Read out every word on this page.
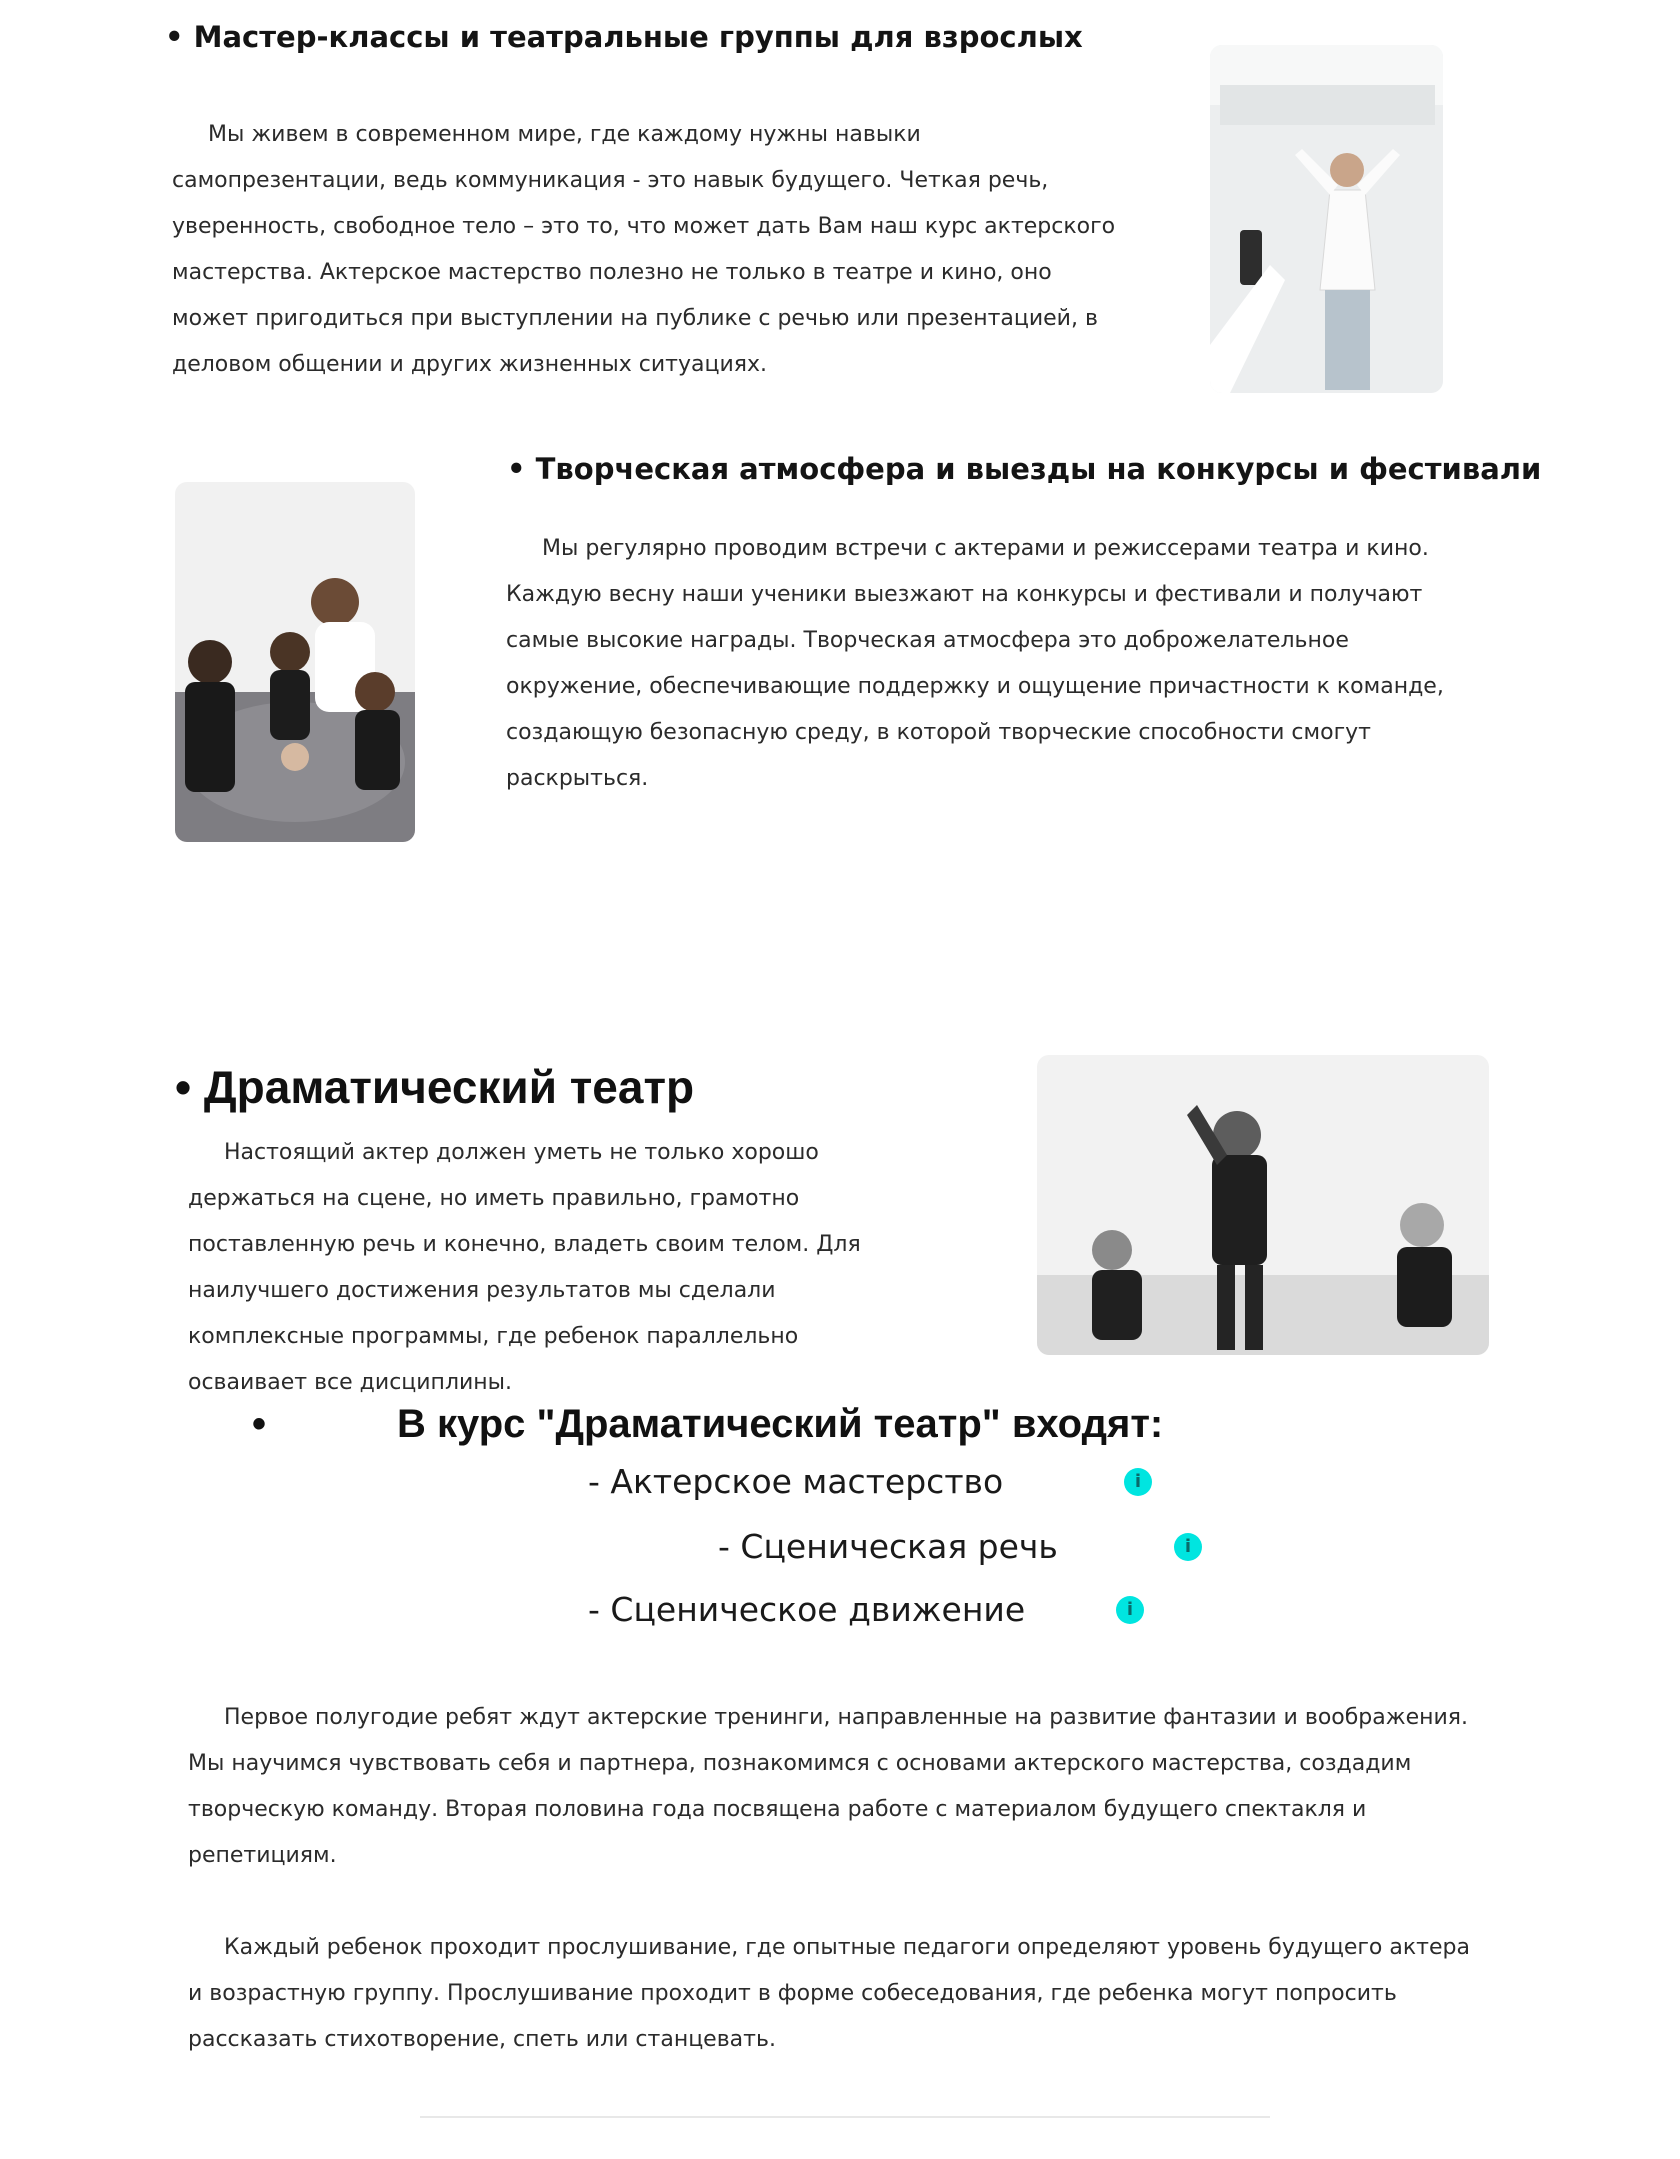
• Мастер-классы и театральные группы для взрослых

Мы живем в современном мире, где каждому нужны навыки самопрезентации, ведь коммуникация - это навык будущего. Четкая речь, уверенность, свободное тело – это то, что может дать Вам наш курс актерского мастерства. Актерское мастерство полезно не только в театре и кино, оно может пригодиться при выступлении на публике с речью или презентацией, в деловом общении и других жизненных ситуациях.

• Творческая атмосфера и выезды на конкурсы и фестивали

Мы регулярно проводим встречи с актерами и режиссерами театра и кино. Каждую весну наши ученики выезжают на конкурсы и фестивали и получают самые высокие награды. Творческая атмосфера это доброжелательное окружение, обеспечивающие поддержку и ощущение причастности к команде, создающую безопасную среду, в которой творческие способности смогут раскрыться.

• Драматический театр

Настоящий актер должен уметь не только хорошо держаться на сцене, но иметь правильно, грамотно поставленную речь и конечно, владеть своим телом. Для наилучшего достижения результатов мы сделали комплексные программы, где ребенок параллельно осваивает все дисциплины.

•	В курс "Драматический театр" входят:
- Актерское мастерство	i
- Сценическая речь	i
- Сценическое движение	i

Первое полугодие ребят ждут актерские тренинги, направленные на развитие фантазии и воображения. Мы научимся чувствовать себя и партнера, познакомимся с основами актерского мастерства, создадим творческую команду. Вторая половина года посвящена работе с материалом будущего спектакля и репетициям.

Каждый ребенок проходит прослушивание, где опытные педагоги определяют уровень будущего актера и возрастную группу. Прослушивание проходит в форме собеседования, где ребенка могут попросить рассказать стихотворение, спеть или станцевать.
